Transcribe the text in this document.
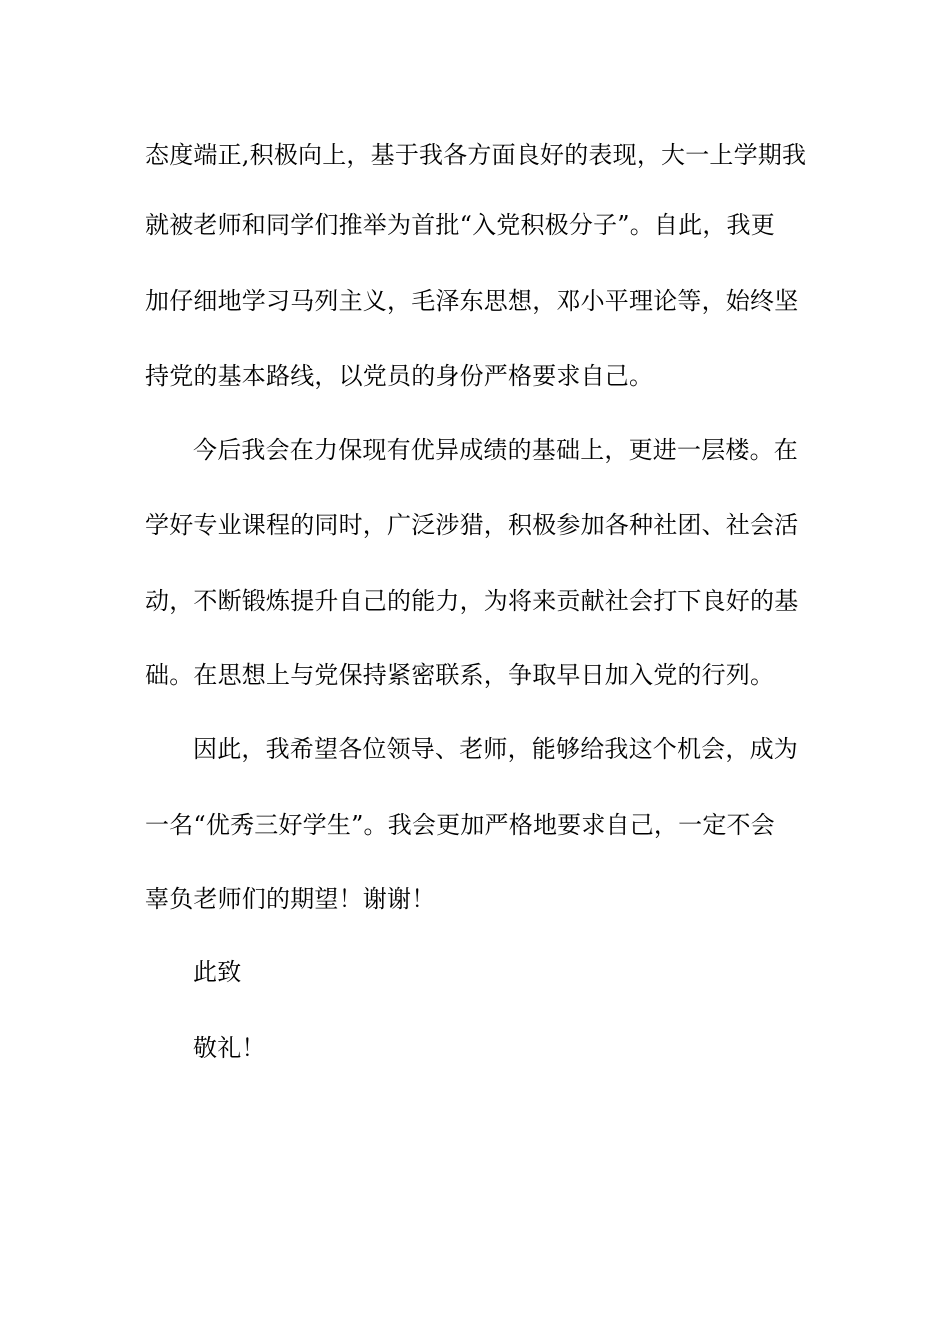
态度端正,积极向上，基于我各方面良好的表现，大一上学期我
就被老师和同学们推举为首批“入党积极分子”。自此，我更
加仔细地学习马列主义，毛泽东思想，邓小平理论等，始终坚
持党的基本路线，以党员的身份严格要求自己。
今后我会在力保现有优异成绩的基础上，更进一层楼。在
学好专业课程的同时，广泛涉猎，积极参加各种社团、社会活
动，不断锻炼提升自己的能力，为将来贡献社会打下良好的基
础。在思想上与党保持紧密联系，争取早日加入党的行列。
因此，我希望各位领导、老师，能够给我这个机会，成为
一名“优秀三好学生”。我会更加严格地要求自己，一定不会
辜负老师们的期望！谢谢！
此致
敬礼！
